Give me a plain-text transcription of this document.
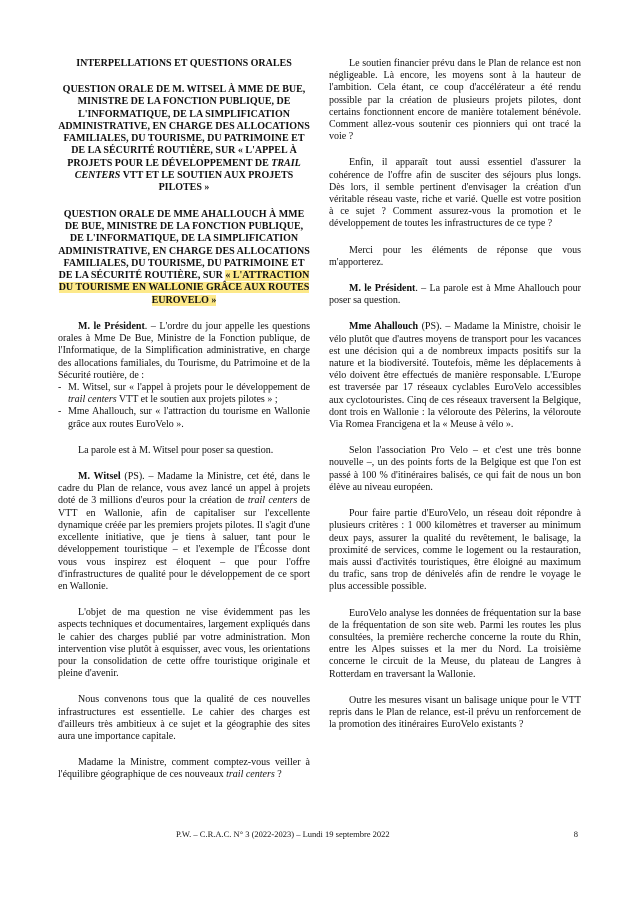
INTERPELLATIONS ET QUESTIONS ORALES

QUESTION ORALE DE M. WITSEL À MME DE BUE, MINISTRE DE LA FONCTION PUBLIQUE, DE L'INFORMATIQUE, DE LA SIMPLIFICATION ADMINISTRATIVE, EN CHARGE DES ALLOCATIONS FAMILIALES, DU TOURISME, DU PATRIMOINE ET DE LA SÉCURITÉ ROUTIÈRE, SUR « L'APPEL À PROJETS POUR LE DÉVELOPPEMENT DE TRAIL CENTERS VTT ET LE SOUTIEN AUX PROJETS PILOTES »

QUESTION ORALE DE MME AHALLOUCH À MME DE BUE, MINISTRE DE LA FONCTION PUBLIQUE, DE L'INFORMATIQUE, DE LA SIMPLIFICATION ADMINISTRATIVE, EN CHARGE DES ALLOCATIONS FAMILIALES, DU TOURISME, DU PATRIMOINE ET DE LA SÉCURITÉ ROUTIÈRE, SUR « L'ATTRACTION DU TOURISME EN WALLONIE GRÂCE AUX ROUTES EUROVELO »

M. le Président. – L'ordre du jour appelle les questions orales à Mme De Bue, Ministre de la Fonction publique, de l'Informatique, de la Simplification administrative, en charge des allocations familiales, du Tourisme, du Patrimoine et de la Sécurité routière, de :

- M. Witsel, sur « l'appel à projets pour le développement de trail centers VTT et le soutien aux projets pilotes » ;
- Mme Ahallouch, sur « l'attraction du tourisme en Wallonie grâce aux routes EuroVelo ».

La parole est à M. Witsel pour poser sa question.

M. Witsel (PS). – Madame la Ministre, cet été, dans le cadre du Plan de relance, vous avez lancé un appel à projets doté de 3 millions d'euros pour la création de trail centers de VTT en Wallonie, afin de capitaliser sur l'excellente dynamique créée par les premiers projets pilotes. Il s'agit d'une excellente initiative, que je tiens à saluer, tant pour le développement touristique – et l'exemple de l'Écosse dont vous vous inspirez est éloquent – que pour l'offre d'infrastructures de qualité pour le développement de ce sport en Wallonie.

L'objet de ma question ne vise évidemment pas les aspects techniques et documentaires, largement expliqués dans le cahier des charges publié par votre administration. Mon intervention vise plutôt à esquisser, avec vous, les orientations pour la consolidation de cette offre touristique originale et pleine d'avenir.

Nous convenons tous que la qualité de ces nouvelles infrastructures est essentielle. Le cahier des charges est d'ailleurs très ambitieux à ce sujet et la géographie des sites aura une importance capitale.

Madame la Ministre, comment comptez-vous veiller à l'équilibre géographique de ces nouveaux trail centers ?

Le soutien financier prévu dans le Plan de relance est non négligeable. Là encore, les moyens sont à la hauteur de l'ambition. Cela étant, ce coup d'accélérateur a été rendu possible par la création de plusieurs projets pilotes, dont certains fonctionnent encore de manière totalement bénévole. Comment allez-vous soutenir ces pionniers qui ont tracé la voie ?

Enfin, il apparaît tout aussi essentiel d'assurer la cohérence de l'offre afin de susciter des séjours plus longs. Dès lors, il semble pertinent d'envisager la création d'un véritable réseau vaste, riche et varié. Quelle est votre position à ce sujet ? Comment assurez-vous la promotion et le développement de toutes les infrastructures de ce type ?

Merci pour les éléments de réponse que vous m'apporterez.

M. le Président. – La parole est à Mme Ahallouch pour poser sa question.

Mme Ahallouch (PS). – Madame la Ministre, choisir le vélo plutôt que d'autres moyens de transport pour les vacances est une décision qui a de nombreux impacts positifs sur la nature et la biodiversité. Toutefois, même les déplacements à vélo doivent être effectués de manière responsable. L'Europe est traversée par 17 réseaux cyclables EuroVelo accessibles aux cyclotouristes. Cinq de ces réseaux traversent la Belgique, dont trois en Wallonie : la véloroute des Pèlerins, la véloroute Via Romea Francigena et la « Meuse à vélo ».

Selon l'association Pro Velo – et c'est une très bonne nouvelle –, un des points forts de la Belgique est que l'on est passé à 100 % d'itinéraires balisés, ce qui fait de nous un bon élève au niveau européen.

Pour faire partie d'EuroVelo, un réseau doit répondre à plusieurs critères : 1 000 kilomètres et traverser au minimum deux pays, assurer la qualité du revêtement, le balisage, la proximité de services, comme le logement ou la restauration, mais aussi d'activités touristiques, être éloigné au maximum du trafic, sans trop de dénivelés afin de rendre le voyage le plus accessible possible.

EuroVelo analyse les données de fréquentation sur la base de la fréquentation de son site web. Parmi les routes les plus consultées, la première recherche concerne la route du Rhin, entre les Alpes suisses et la mer du Nord. La troisième concerne le circuit de la Meuse, du plateau de Langres à Rotterdam en traversant la Wallonie.

Outre les mesures visant un balisage unique pour le VTT repris dans le Plan de relance, est-il prévu un renforcement de la promotion des itinéraires EuroVelo existants ?

P.W. – C.R.A.C. N° 3 (2022-2023) – Lundi 19 septembre 2022	8
